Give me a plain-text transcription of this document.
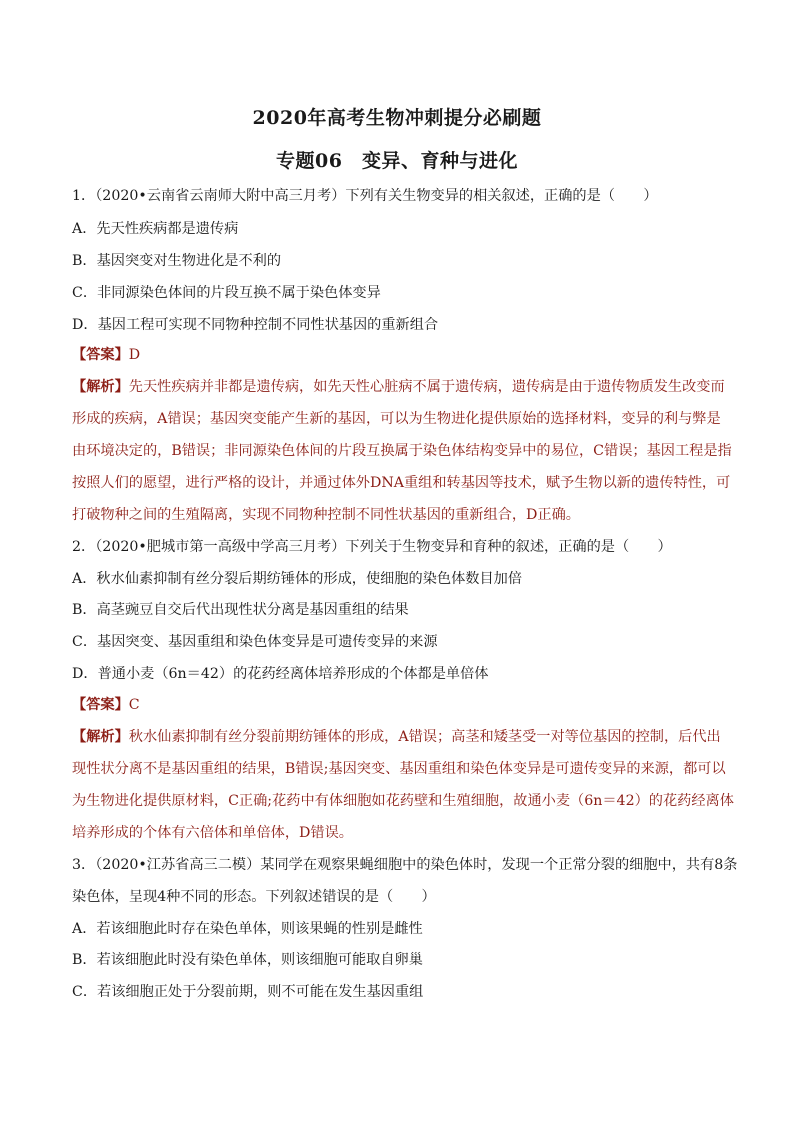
2020年高考生物冲刺提分必刷题
专题06　变异、育种与进化
1．（2020•云南省云南师大附中高三月考）下列有关生物变异的相关叙述，正确的是（　　）
A．先天性疾病都是遗传病
B．基因突变对生物进化是不利的
C．非同源染色体间的片段互换不属于染色体变异
D．基因工程可实现不同物种控制不同性状基因的重新组合
【答案】D
【解析】先天性疾病并非都是遗传病，如先天性心脏病不属于遗传病，遗传病是由于遗传物质发生改变而
形成的疾病，A错误；基因突变能产生新的基因，可以为生物进化提供原始的选择材料，变异的利与弊是
由环境决定的，B错误；非同源染色体间的片段互换属于染色体结构变异中的易位，C错误；基因工程是指
按照人们的愿望，进行严格的设计，并通过体外DNA重组和转基因等技术，赋予生物以新的遗传特性，可
打破物种之间的生殖隔离，实现不同物种控制不同性状基因的重新组合，D正确。
2．（2020•肥城市第一高级中学高三月考）下列关于生物变异和育种的叙述，正确的是（　　）
A．秋水仙素抑制有丝分裂后期纺锤体的形成，使细胞的染色体数目加倍
B．高茎豌豆自交后代出现性状分离是基因重组的结果
C．基因突变、基因重组和染色体变异是可遗传变异的来源
D．普通小麦（6n＝42）的花药经离体培养形成的个体都是单倍体
【答案】C
【解析】秋水仙素抑制有丝分裂前期纺锤体的形成，A错误；高茎和矮茎受一对等位基因的控制，后代出
现性状分离不是基因重组的结果，B错误;基因突变、基因重组和染色体变异是可遗传变异的来源，都可以
为生物进化提供原材料，C正确;花药中有体细胞如花药壁和生殖细胞，故通小麦（6n＝42）的花药经离体
培养形成的个体有六倍体和单倍体，D错误。
3．（2020•江苏省高三二模）某同学在观察果蝇细胞中的染色体时，发现一个正常分裂的细胞中，共有8条
染色体，呈现4种不同的形态。下列叙述错误的是（　　）
A．若该细胞此时存在染色单体，则该果蝇的性别是雌性
B．若该细胞此时没有染色单体，则该细胞可能取自卵巢
C．若该细胞正处于分裂前期，则不可能在发生基因重组
